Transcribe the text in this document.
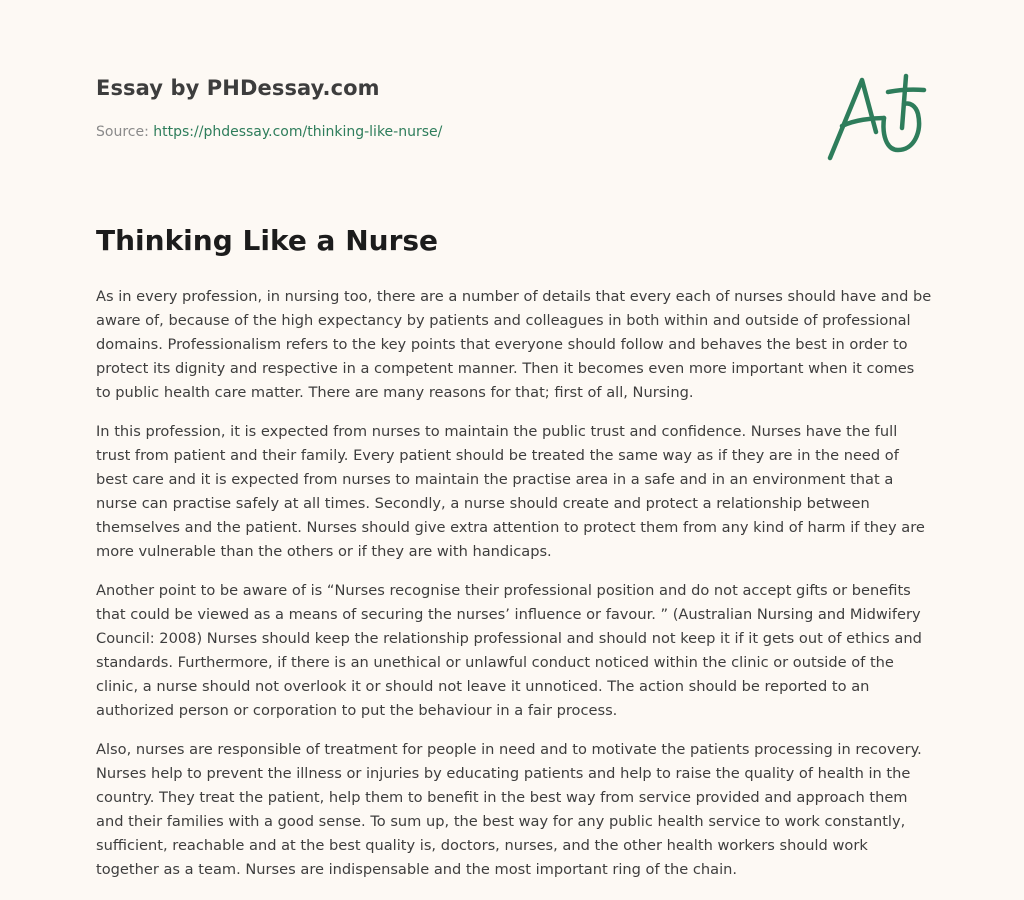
Essay by PHDessay.com
Source: https://phdessay.com/thinking-like-nurse/
Thinking Like a Nurse

As in every profession, in nursing too, there are a number of details that every each of nurses should have and be aware of, because of the high expectancy by patients and colleagues in both within and outside of professional domains. Professionalism refers to the key points that everyone should follow and behaves the best in order to protect its dignity and respective in a competent manner. Then it becomes even more important when it comes to public health care matter. There are many reasons for that; first of all, Nursing.

In this profession, it is expected from nurses to maintain the public trust and confidence. Nurses have the full trust from patient and their family. Every patient should be treated the same way as if they are in the need of best care and it is expected from nurses to maintain the practise area in a safe and in an environment that a nurse can practise safely at all times. Secondly, a nurse should create and protect a relationship between themselves and the patient. Nurses should give extra attention to protect them from any kind of harm if they are more vulnerable than the others or if they are with handicaps.

Another point to be aware of is “Nurses recognise their professional position and do not accept gifts or benefits that could be viewed as a means of securing the nurses’ influence or favour. ” (Australian Nursing and Midwifery Council: 2008) Nurses should keep the relationship professional and should not keep it if it gets out of ethics and standards. Furthermore, if there is an unethical or unlawful conduct noticed within the clinic or outside of the clinic, a nurse should not overlook it or should not leave it unnoticed. The action should be reported to an authorized person or corporation to put the behaviour in a fair process.

Also, nurses are responsible of treatment for people in need and to motivate the patients processing in recovery. Nurses help to prevent the illness or injuries by educating patients and help to raise the quality of health in the country. They treat the patient, help them to benefit in the best way from service provided and approach them and their families with a good sense. To sum up, the best way for any public health service to work constantly, sufficient, reachable and at the best quality is, doctors, nurses, and the other health workers should work together as a team. Nurses are indispensable and the most important ring of the chain.
